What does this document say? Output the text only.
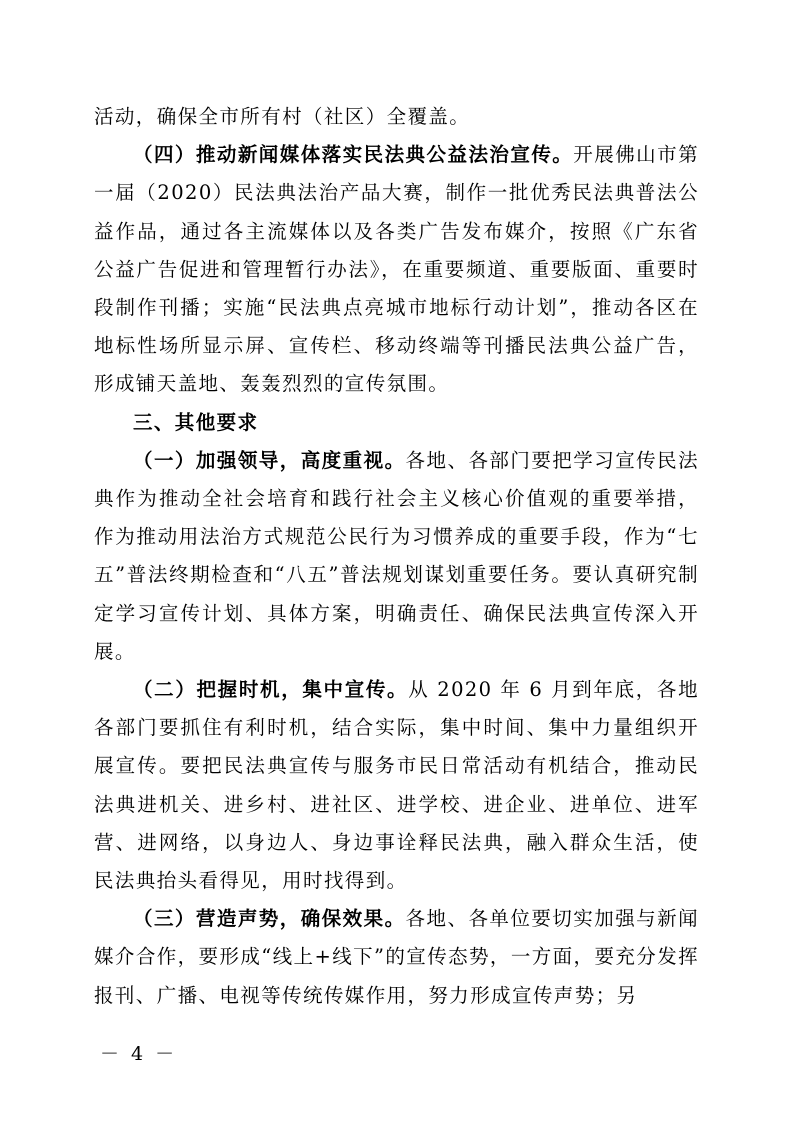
活动，确保全市所有村（社区）全覆盖。

（四）推动新闻媒体落实民法典公益法治宣传。开展佛山市第一届（2020）民法典法治产品大赛，制作一批优秀民法典普法公益作品，通过各主流媒体以及各类广告发布媒介，按照《广东省公益广告促进和管理暂行办法》，在重要频道、重要版面、重要时段制作刊播；实施“民法典点亮城市地标行动计划”，推动各区在地标性场所显示屏、宣传栏、移动终端等刊播民法典公益广告，形成铺天盖地、轰轰烈烈的宣传氛围。

三、其他要求

（一）加强领导，高度重视。各地、各部门要把学习宣传民法典作为推动全社会培育和践行社会主义核心价值观的重要举措，作为推动用法治方式规范公民行为习惯养成的重要手段，作为“七五”普法终期检查和“八五”普法规划谋划重要任务。要认真研究制定学习宣传计划、具体方案，明确责任、确保民法典宣传深入开展。

（二）把握时机，集中宣传。从 2020 年 6 月到年底，各地各部门要抓住有利时机，结合实际，集中时间、集中力量组织开展宣传。要把民法典宣传与服务市民日常活动有机结合，推动民法典进机关、进乡村、进社区、进学校、进企业、进单位、进军营、进网络，以身边人、身边事诠释民法典，融入群众生活，使民法典抬头看得见，用时找得到。

（三）营造声势，确保效果。各地、各单位要切实加强与新闻媒介合作，要形成“线上+线下”的宣传态势，一方面，要充分发挥报刊、广播、电视等传统传媒作用，努力形成宣传声势；另

－ 4 －
